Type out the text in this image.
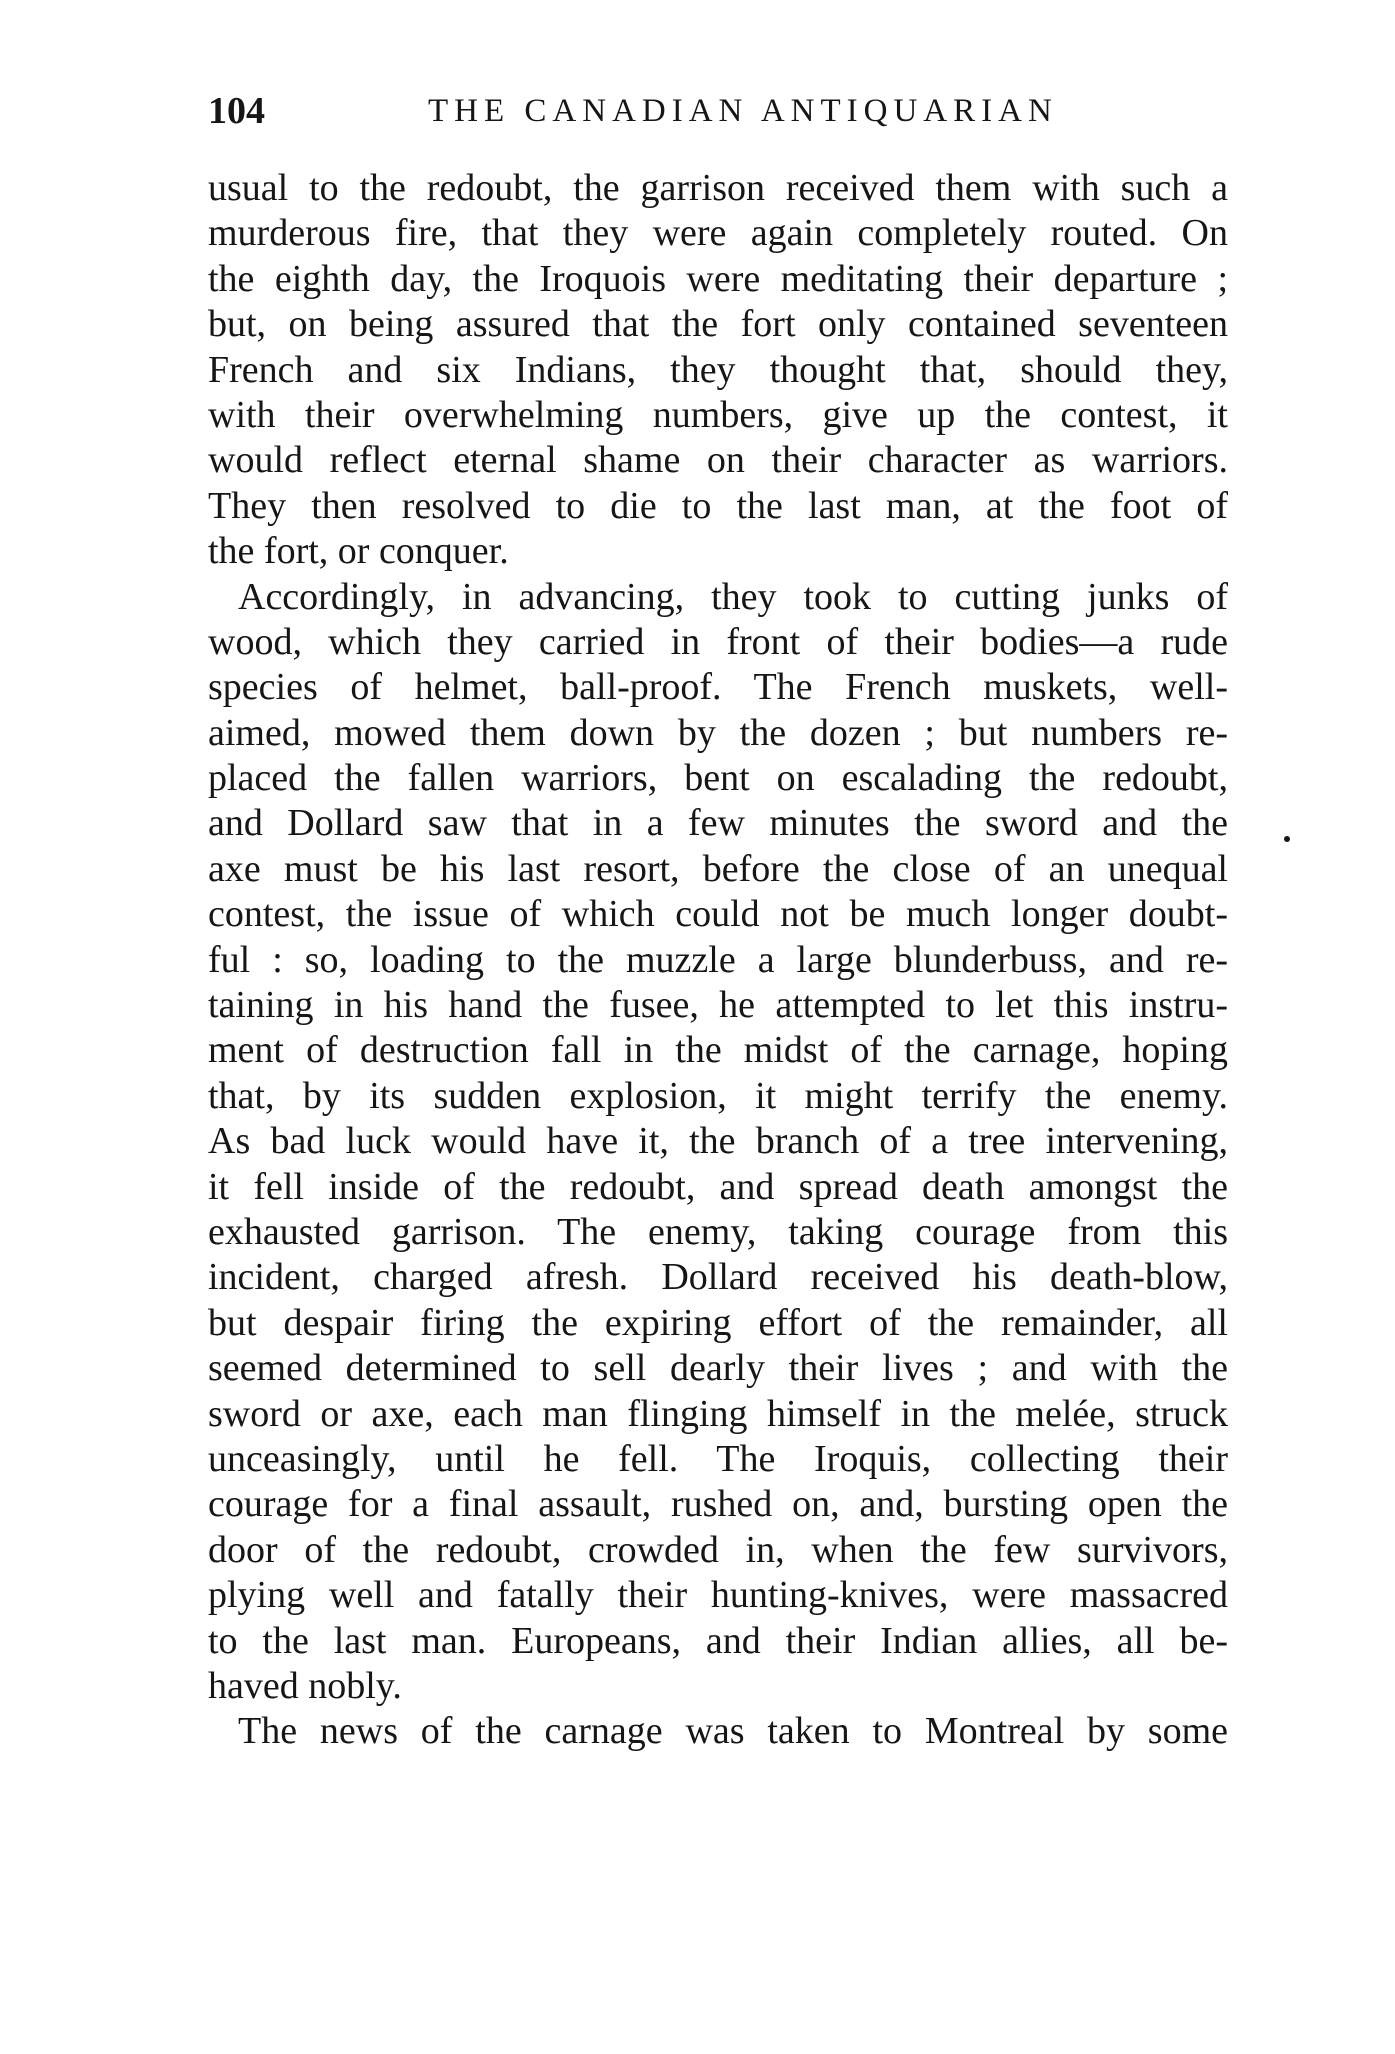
104	THE CANADIAN ANTIQUARIAN
usual to the redoubt, the garrison received them with such a
murderous fire, that they were again completely routed. On
the eighth day, the Iroquois were meditating their departure ;
but, on being assured that the fort only contained seventeen
French and six Indians, they thought that, should they,
with their overwhelming numbers, give up the contest, it
would reflect eternal shame on their character as warriors.
They then resolved to die to the last man, at the foot of
the fort, or conquer.
Accordingly, in advancing, they took to cutting junks of
wood, which they carried in front of their bodies—a rude
species of helmet, ball-proof. The French muskets, well-
aimed, mowed them down by the dozen ; but numbers re-
placed the fallen warriors, bent on escalading the redoubt,
and Dollard saw that in a few minutes the sword and the
axe must be his last resort, before the close of an unequal
contest, the issue of which could not be much longer doubt-
ful : so, loading to the muzzle a large blunderbuss, and re-
taining in his hand the fusee, he attempted to let this instru-
ment of destruction fall in the midst of the carnage, hoping
that, by its sudden explosion, it might terrify the enemy.
As bad luck would have it, the branch of a tree intervening,
it fell inside of the redoubt, and spread death amongst the
exhausted garrison. The enemy, taking courage from this
incident, charged afresh. Dollard received his death-blow,
but despair firing the expiring effort of the remainder, all
seemed determined to sell dearly their lives ; and with the
sword or axe, each man flinging himself in the melée, struck
unceasingly, until he fell. The Iroquis, collecting their
courage for a final assault, rushed on, and, bursting open the
door of the redoubt, crowded in, when the few survivors,
plying well and fatally their hunting-knives, were massacred
to the last man. Europeans, and their Indian allies, all be-
haved nobly.
The news of the carnage was taken to Montreal by some
